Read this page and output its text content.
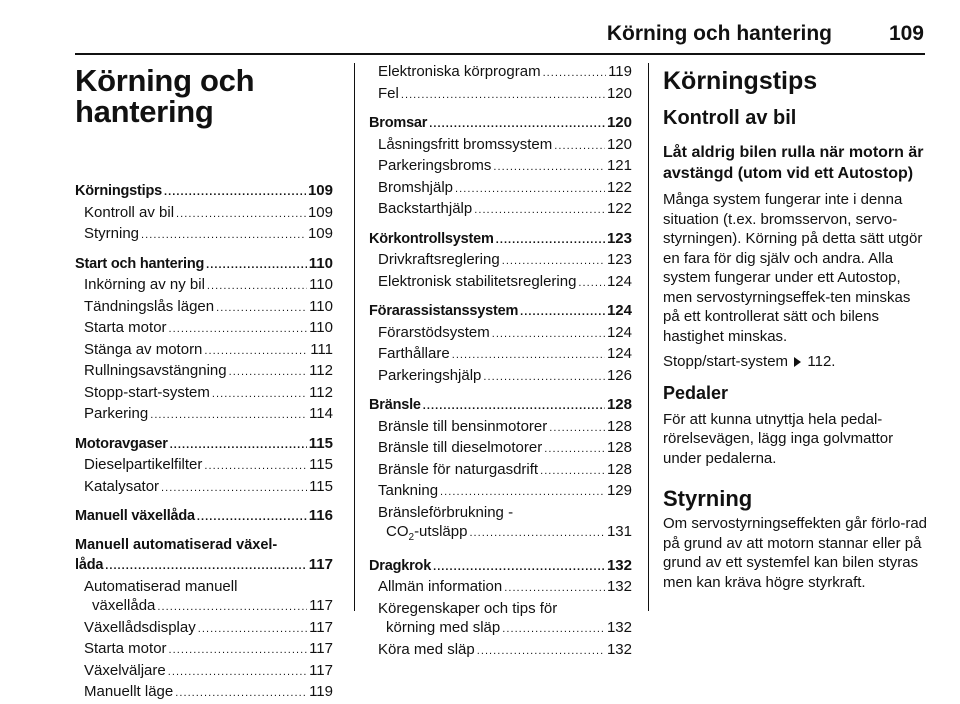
Körning och hantering	109
Körning och
hantering
Körningstips . . .	109
Kontroll av bil . . .	109
Styrning . . .	109
Start och hantering . . .	110
Inkörning av ny bil . . .	110
Tändningslås lägen . . .	110
Starta motor . . .	110
Stänga av motorn . . .	111
Rullningsavstängning . . .	112
Stopp-start-system . . .	112
Parkering . . .	114
Motoravgaser . . .	115
Dieselpartikelfilter . . .	115
Katalysator . . .	115
Manuell växellåda . . .	116
Manuell automatiserad växel-
låda . . .	117
Automatiserad manuell
växellåda . . .	117
Växellådsdisplay . . .	117
Starta motor . . .	117
Växelväljare . . .	117
Manuellt läge . . .	119
Elektroniska körprogram . . .	119
Fel . . .	120
Bromsar . . .	120
Låsningsfritt bromssystem . . .	120
Parkeringsbroms . . .	121
Bromshjälp . . .	122
Backstarthjälp . . .	122
Körkontrollsystem . . .	123
Drivkraftsreglering . . .	123
Elektronisk stabilitetsreglering . . . 124
Förarassistanssystem . . .	124
Förarstödsystem . . .	124
Farthållare . . .	124
Parkeringshjälp . . .	126
Bränsle . . .	128
Bränsle till bensinmotorer . . .	128
Bränsle till dieselmotorer . . .	128
Bränsle för naturgasdrift . . .	128
Tankning . . .	129
Bränsleförbrukning -
$CO_2$-utsläpp . . .	131
Dragkrok . . .	132
Allmän information . . .	132
Köregenskaper och tips för
körning med släp . . .	132
Köra med släp . . .	132
Körningstips
Kontroll av bil
Låt aldrig bilen rulla när motorn är avstängd (utom vid ett Autostop)

Många system fungerar inte i denna situation (t.ex. bromsservon, servo-styrningen). Körning på detta sätt utgör en fara för dig själv och andra. Alla system fungerar under ett Autostop, men servostyrningseffek-ten minskas på ett kontrollerat sätt och bilens hastighet minskas.

Stopp/start-system 112.

Pedaler

För att kunna utnyttja hela pedal-rörelsevägen, lägg inga golvmattor under pedalerna.

Styrning

Om servostyrningseffekten går förlo-rad på grund av att motorn stannar eller på grund av ett systemfel kan bilen styras men kan kräva högre styrkraft.
